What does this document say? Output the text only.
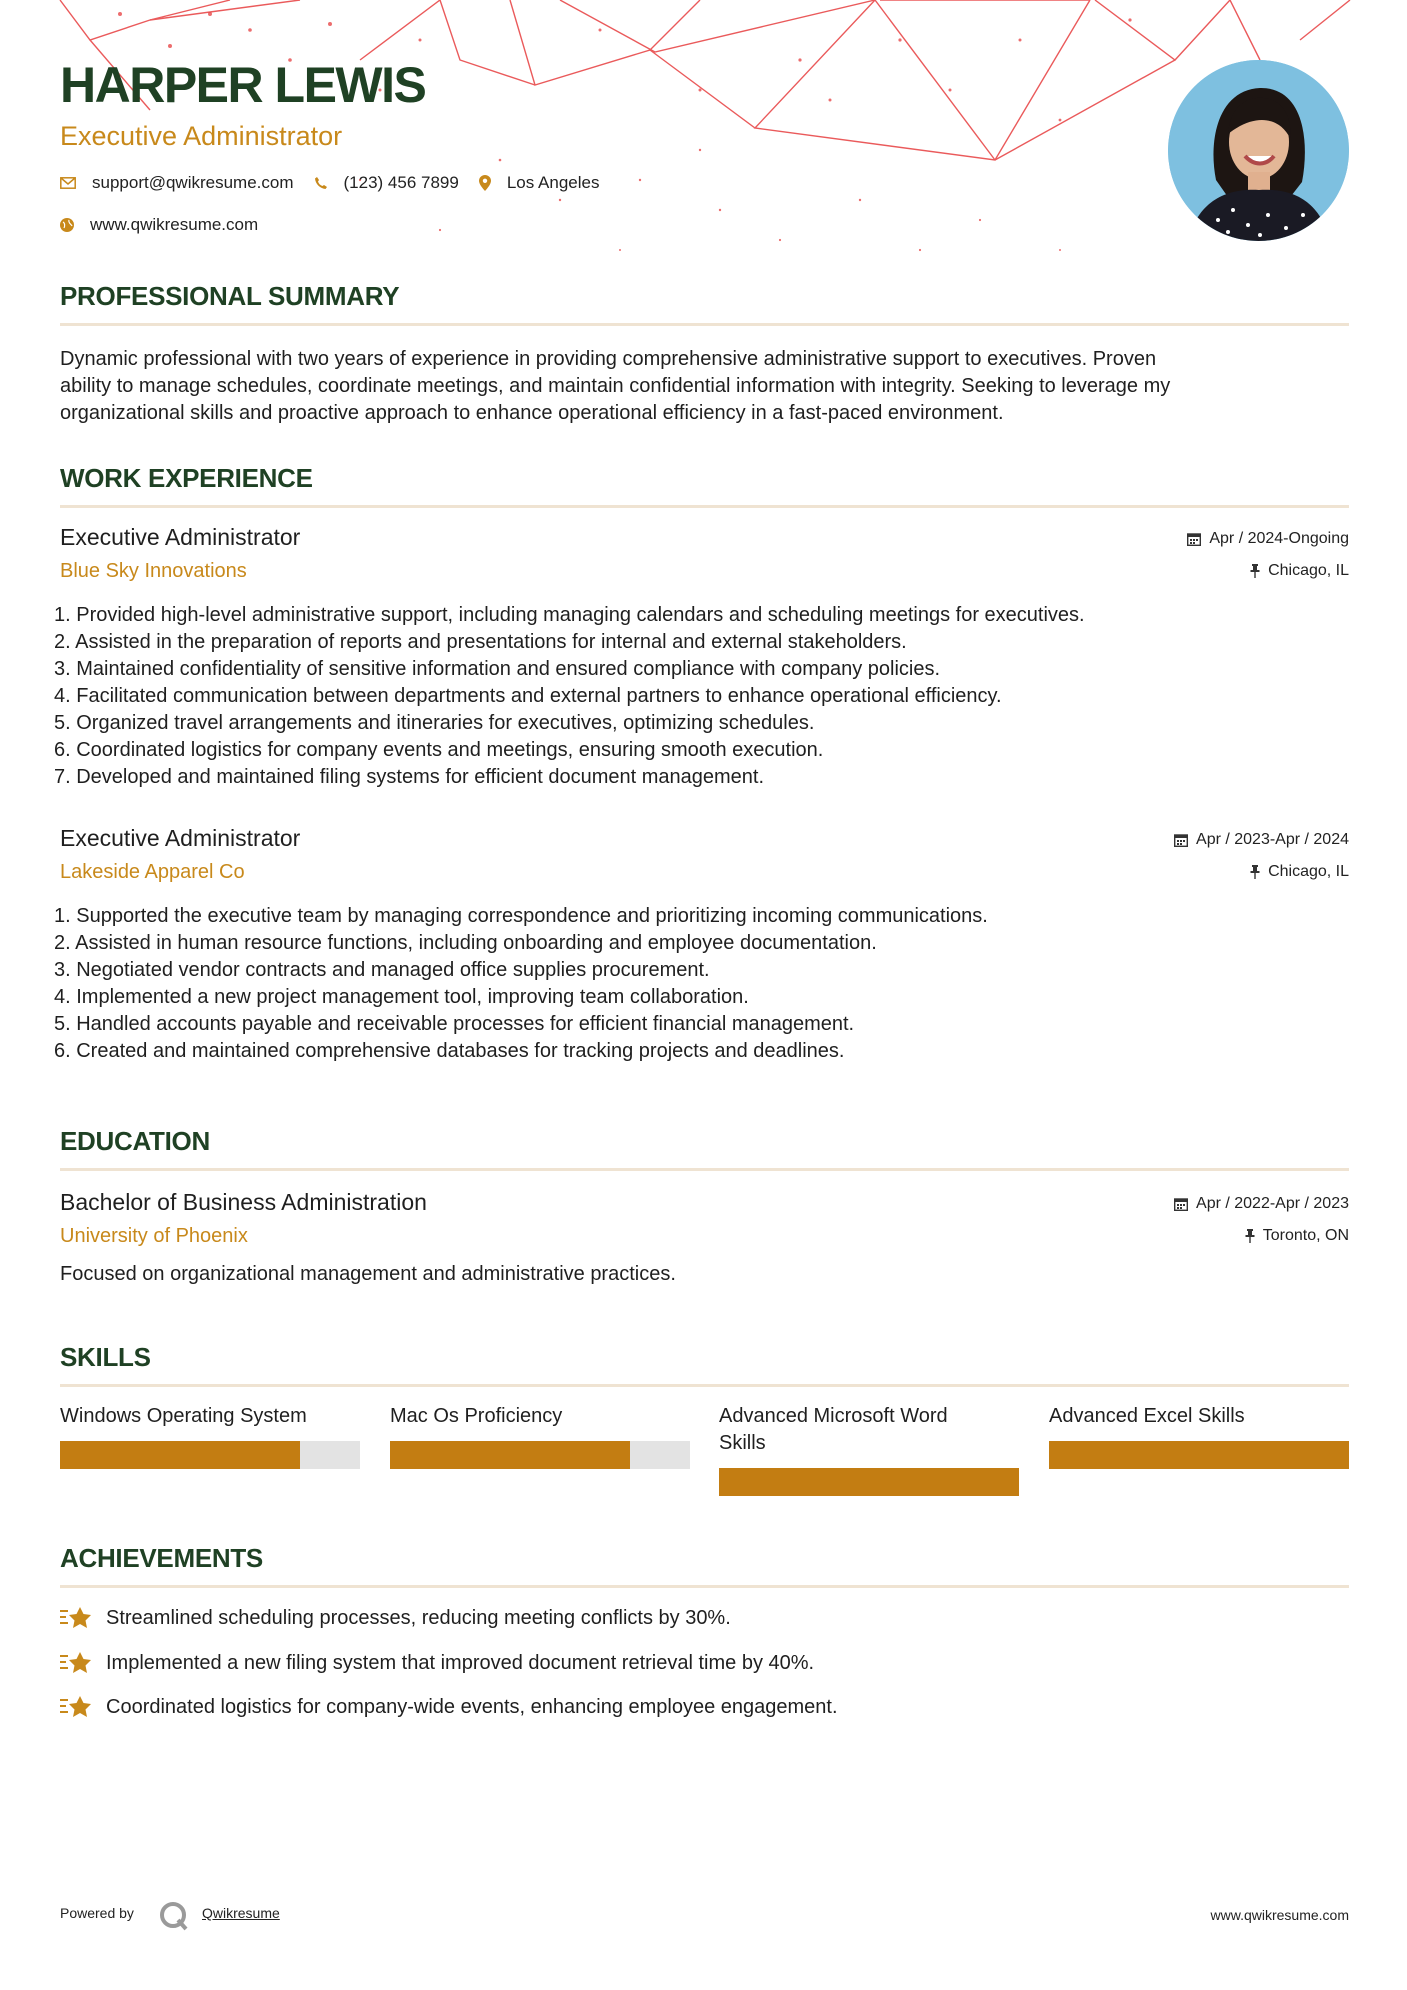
HARPER LEWIS
Executive Administrator
support@qwikresume.com	(123) 456 7899	Los Angeles
www.qwikresume.com
PROFESSIONAL SUMMARY
Dynamic professional with two years of experience in providing comprehensive administrative support to executives. Proven
ability to manage schedules, coordinate meetings, and maintain confidential information with integrity. Seeking to leverage my
organizational skills and proactive approach to enhance operational efficiency in a fast-paced environment.
WORK EXPERIENCE
Executive Administrator
Blue Sky Innovations
Apr / 2024-Ongoing
Chicago, IL
1. Provided high-level administrative support, including managing calendars and scheduling meetings for executives.
2. Assisted in the preparation of reports and presentations for internal and external stakeholders.
3. Maintained confidentiality of sensitive information and ensured compliance with company policies.
4. Facilitated communication between departments and external partners to enhance operational efficiency.
5. Organized travel arrangements and itineraries for executives, optimizing schedules.
6. Coordinated logistics for company events and meetings, ensuring smooth execution.
7. Developed and maintained filing systems for efficient document management.
Executive Administrator
Lakeside Apparel Co
Apr / 2023-Apr / 2024
Chicago, IL
1. Supported the executive team by managing correspondence and prioritizing incoming communications.
2. Assisted in human resource functions, including onboarding and employee documentation.
3. Negotiated vendor contracts and managed office supplies procurement.
4. Implemented a new project management tool, improving team collaboration.
5. Handled accounts payable and receivable processes for efficient financial management.
6. Created and maintained comprehensive databases for tracking projects and deadlines.
EDUCATION
Bachelor of Business Administration
University of Phoenix
Apr / 2022-Apr / 2023
Toronto, ON
Focused on organizational management and administrative practices.
SKILLS
Windows Operating System	Mac Os Proficiency	Advanced Microsoft Word
Skills
Advanced Excel Skills
ACHIEVEMENTS
Streamlined scheduling processes, reducing meeting conflicts by 30%.
Implemented a new filing system that improved document retrieval time by 40%.
Coordinated logistics for company-wide events, enhancing employee engagement.
Powered by	Qwikresume	www.qwikresume.com
